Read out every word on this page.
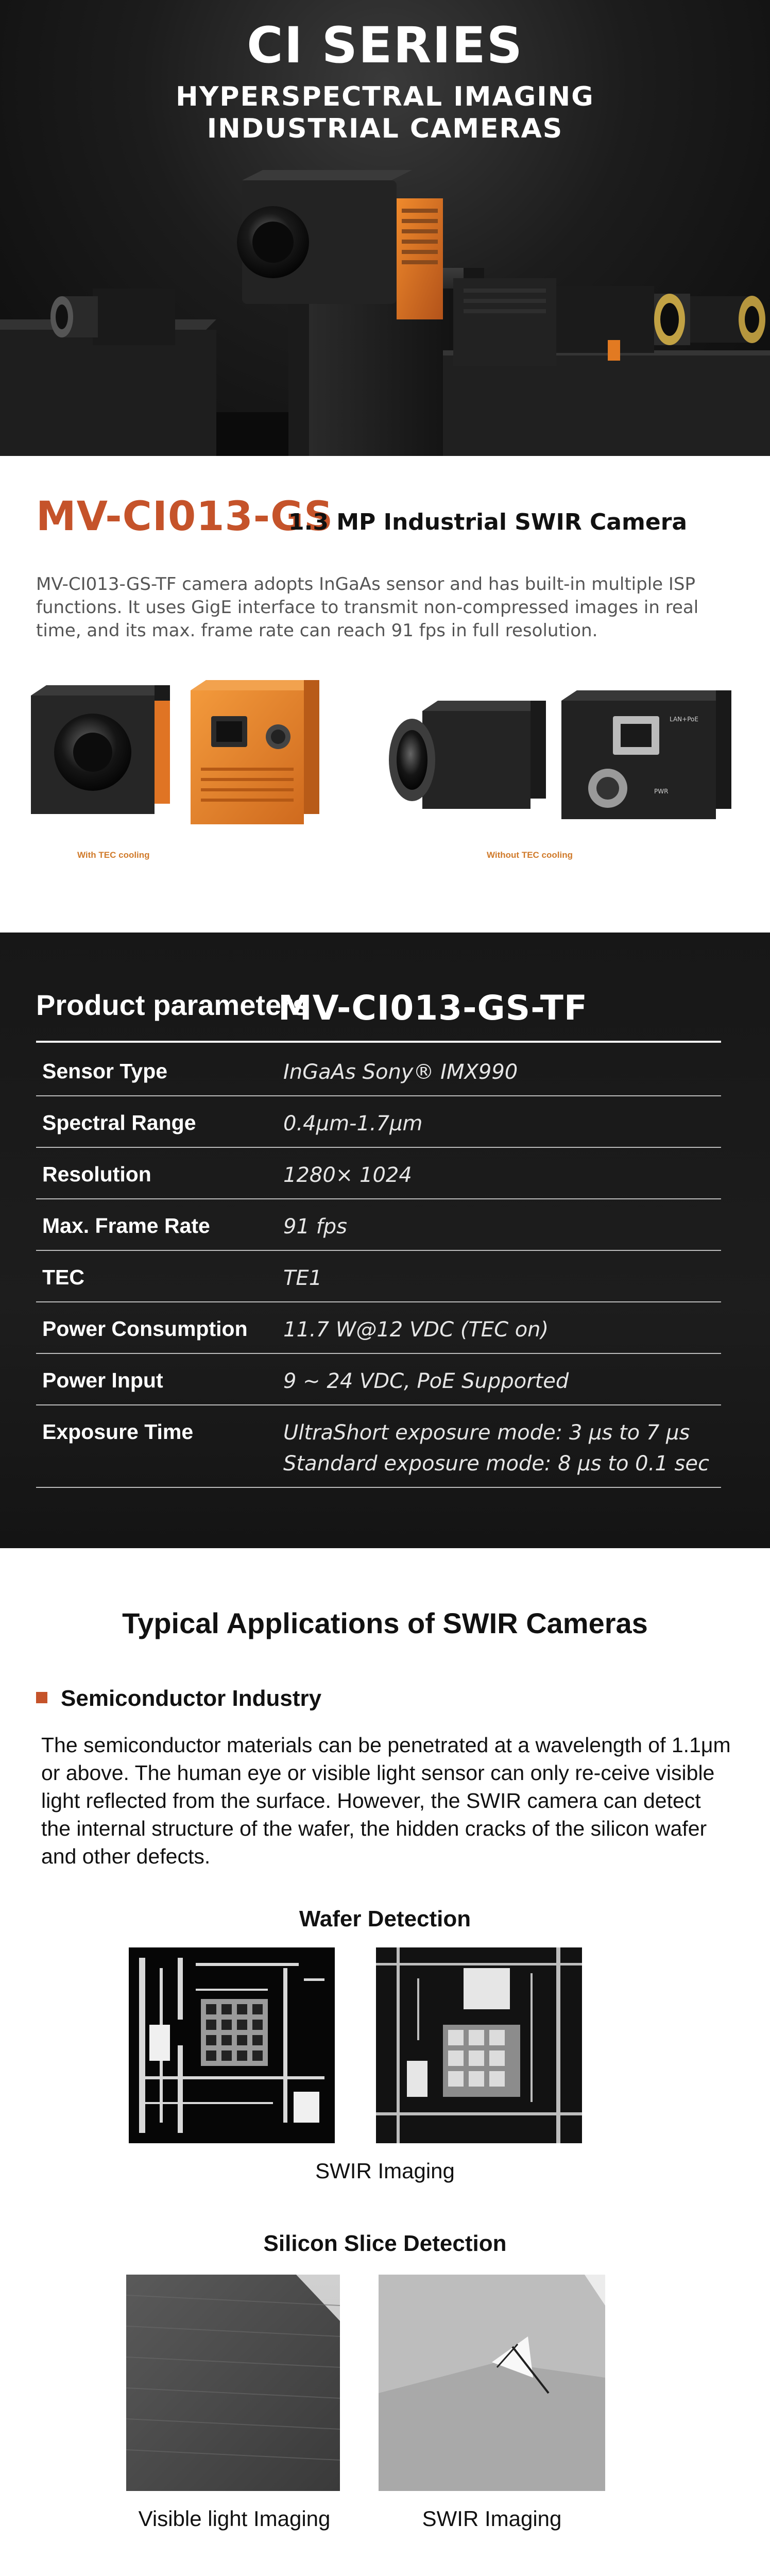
CI SERIES
HYPERSPECTRAL IMAGING
INDUSTRIAL CAMERAS
MV-CI013-GS
1.3 MP Industrial SWIR Camera
MV-CI013-GS-TF camera adopts InGaAs sensor and has built-in multiple ISP functions. It uses GigE interface to transmit non-compressed images in real time, and its max. frame rate can reach 91 fps in full resolution.
LAN+PoE
PWR
With TEC cooling	Without TEC cooling
Product parameters
MV-CI013-GS-TF
Sensor Type	InGaAs Sony® IMX990
Spectral Range	0.4μm-1.7μm
Resolution	1280× 1024
Max. Frame Rate	91 fps
TEC	TE1
Power Consumption 11.7 W@12 VDC (TEC on)
Power Input	9 ~ 24 VDC, PoE Supported
Exposure Time	UltraShort exposure mode: 3 μs to 7 μs
Standard exposure mode: 8 μs to 0.1 sec
Typical Applications of SWIR Cameras
Semiconductor Industry
The semiconductor materials can be penetrated at a wavelength of 1.1μm or above. The human eye or visible light sensor can only re-ceive visible light reflected from the surface. However, the SWIR camera can detect the internal structure of the wafer, the hidden cracks of the silicon wafer and other defects.
Wafer Detection
SWIR Imaging
Silicon Slice Detection
Visible light Imaging	SWIR Imaging
